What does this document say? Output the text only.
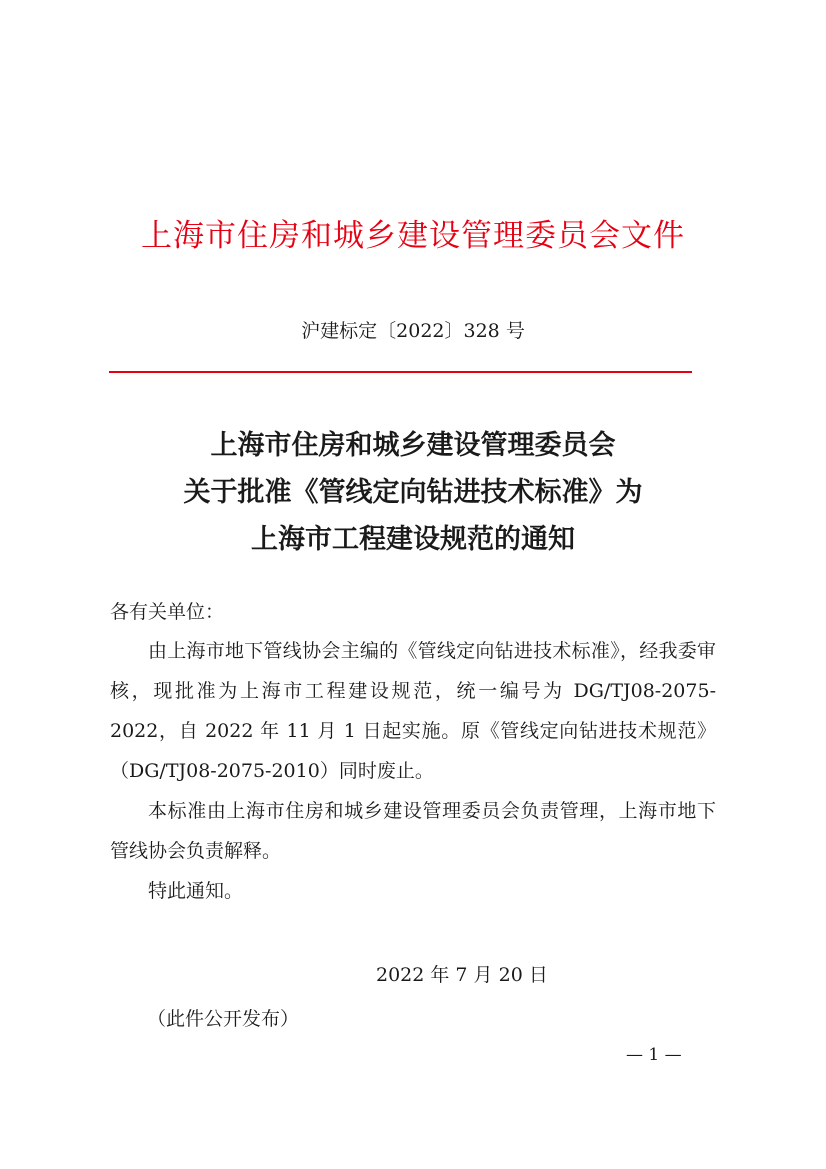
上海市住房和城乡建设管理委员会文件
沪建标定〔2022〕328 号
上海市住房和城乡建设管理委员会
关于批准《管线定向钻进技术标准》为
上海市工程建设规范的通知
各有关单位：

由上海市地下管线协会主编的《管线定向钻进技术标准》，经我委审核，现批准为上海市工程建设规范，统一编号为 DG/TJ08-2075-2022，自 2022 年 11 月 1 日起实施。原《管线定向钻进技术规范》（DG/TJ08-2075-2010）同时废止。

本标准由上海市住房和城乡建设管理委员会负责管理，上海市地下管线协会负责解释。

特此通知。

2022 年 7 月 20 日
（此件公开发布）
— 1 —
